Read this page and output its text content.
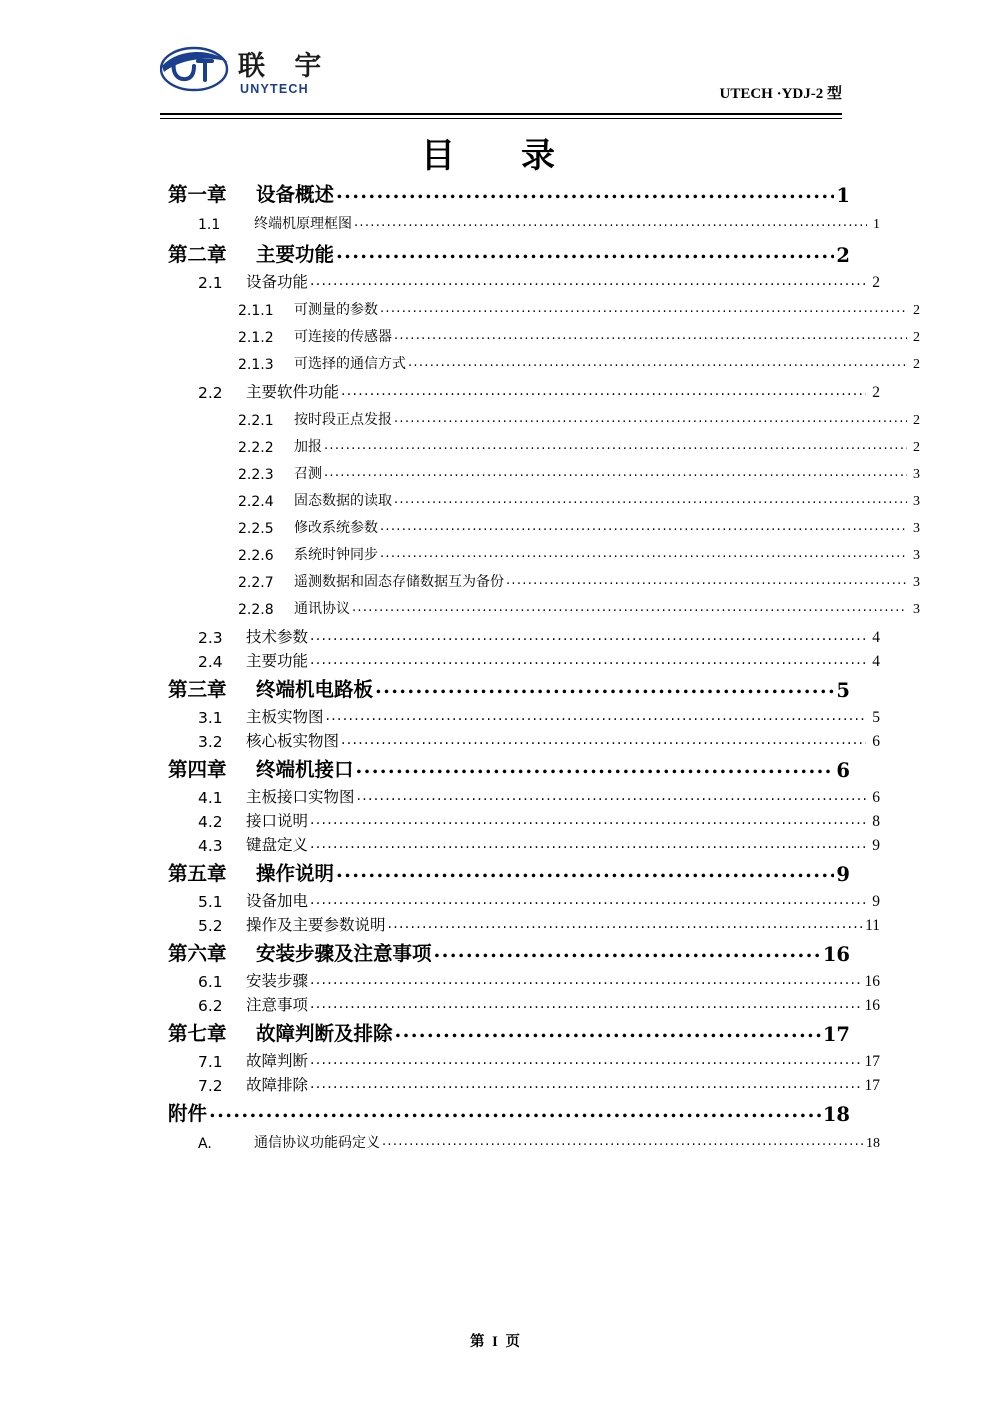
联 宇
UNYTECH	UTECH ·YDJ-2 型
目　录
第一章	设备概述 .....	1
1.1	终端机原理框图 .....	1
第二章	主要功能 .....	2
2.1	设备功能 .....	2
2.1.1	可测量的参数 .....	2
2.1.2	可连接的传感器 .....	2
2.1.3	可选择的通信方式 .....	2
2.2	主要软件功能 .....	2
2.2.1	按时段正点发报 .....	2
2.2.2	加报 .....	2
2.2.3	召测 .....	3
2.2.4	固态数据的读取 .....	3
2.2.5	修改系统参数 .....	3
2.2.6	系统时钟同步 .....	3
2.2.7	遥测数据和固态存储数据互为备份 .....	3
2.2.8	通讯协议 .....	3
2.3	技术参数 .....	4
2.4	主要功能 .....	4
第三章	终端机电路板 .....	5
3.1	主板实物图 .....	5
3.2	核心板实物图 .....	6
第四章	终端机接口 .....	6
4.1	主板接口实物图 .....	6
4.2	接口说明 .....	8
4.3	键盘定义 .....	9
第五章	操作说明 .....	9
5.1	设备加电 .....	9
5.2	操作及主要参数说明 .....	11
第六章	安装步骤及注意事项 .....	16
6.1	安装步骤 .....	16
6.2	注意事项 .....	16
第七章	故障判断及排除 .....	17
7.1	故障判断 .....	17
7.2	故障排除 .....	17
附件 .....	18
A.	通信协议功能码定义 .....	18
第 I 页
